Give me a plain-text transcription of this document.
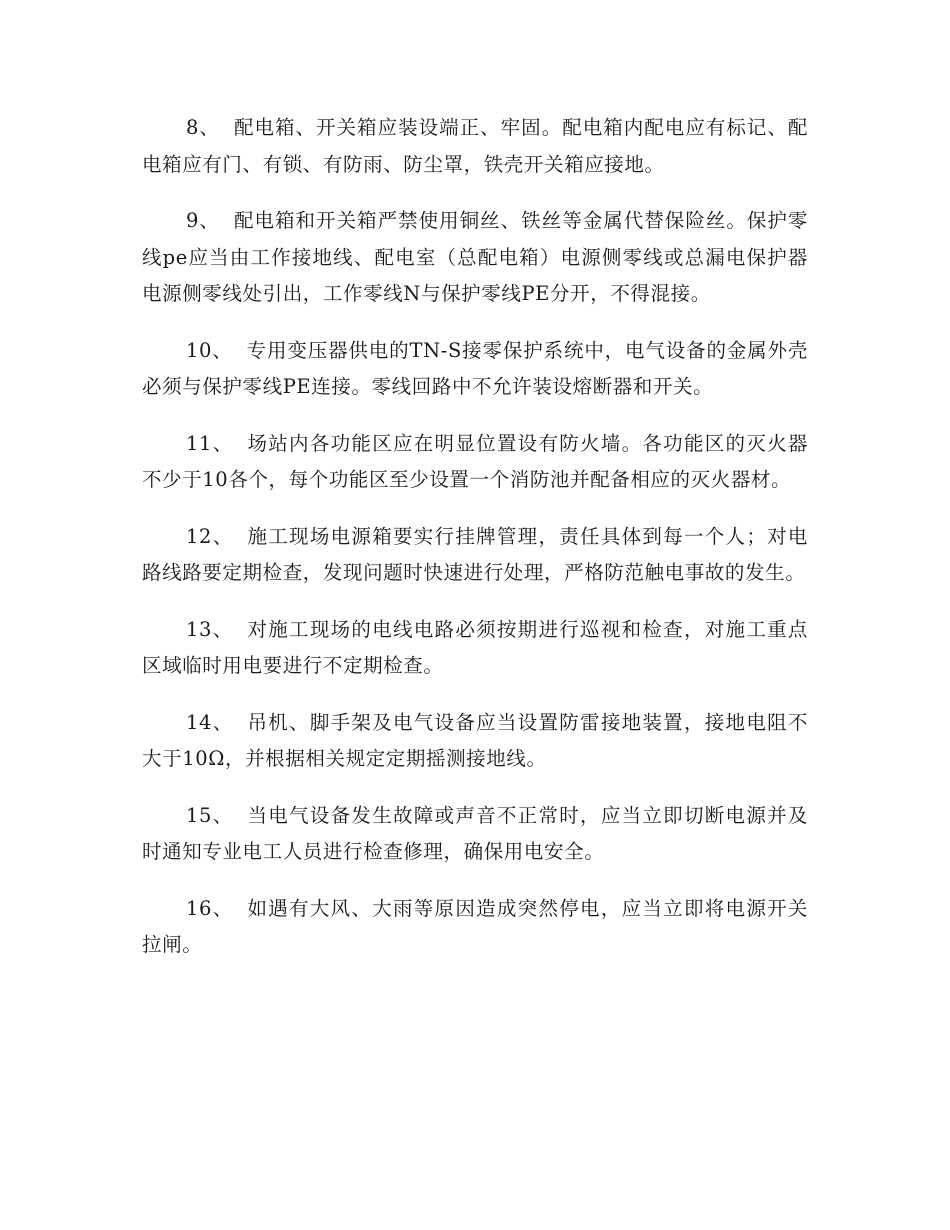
8、 配电箱、开关箱应装设端正、牢固。配电箱内配电应有标记、配电箱应有门、有锁、有防雨、防尘罩，铁壳开关箱应接地。

9、 配电箱和开关箱严禁使用铜丝、铁丝等金属代替保险丝。保护零线pe应当由工作接地线、配电室（总配电箱）电源侧零线或总漏电保护器电源侧零线处引出，工作零线N与保护零线PE分开，不得混接。

10、 专用变压器供电的TN-S接零保护系统中，电气设备的金属外壳必须与保护零线PE连接。零线回路中不允许装设熔断器和开关。

11、 场站内各功能区应在明显位置设有防火墙。各功能区的灭火器不少于10各个，每个功能区至少设置一个消防池并配备相应的灭火器材。

12、 施工现场电源箱要实行挂牌管理，责任具体到每一个人；对电路线路要定期检查，发现问题时快速进行处理，严格防范触电事故的发生。

13、 对施工现场的电线电路必须按期进行巡视和检查，对施工重点区域临时用电要进行不定期检查。

14、 吊机、脚手架及电气设备应当设置防雷接地装置，接地电阻不大于10Ω，并根据相关规定定期摇测接地线。

15、 当电气设备发生故障或声音不正常时，应当立即切断电源并及时通知专业电工人员进行检查修理，确保用电安全。

16、 如遇有大风、大雨等原因造成突然停电，应当立即将电源开关拉闸。
